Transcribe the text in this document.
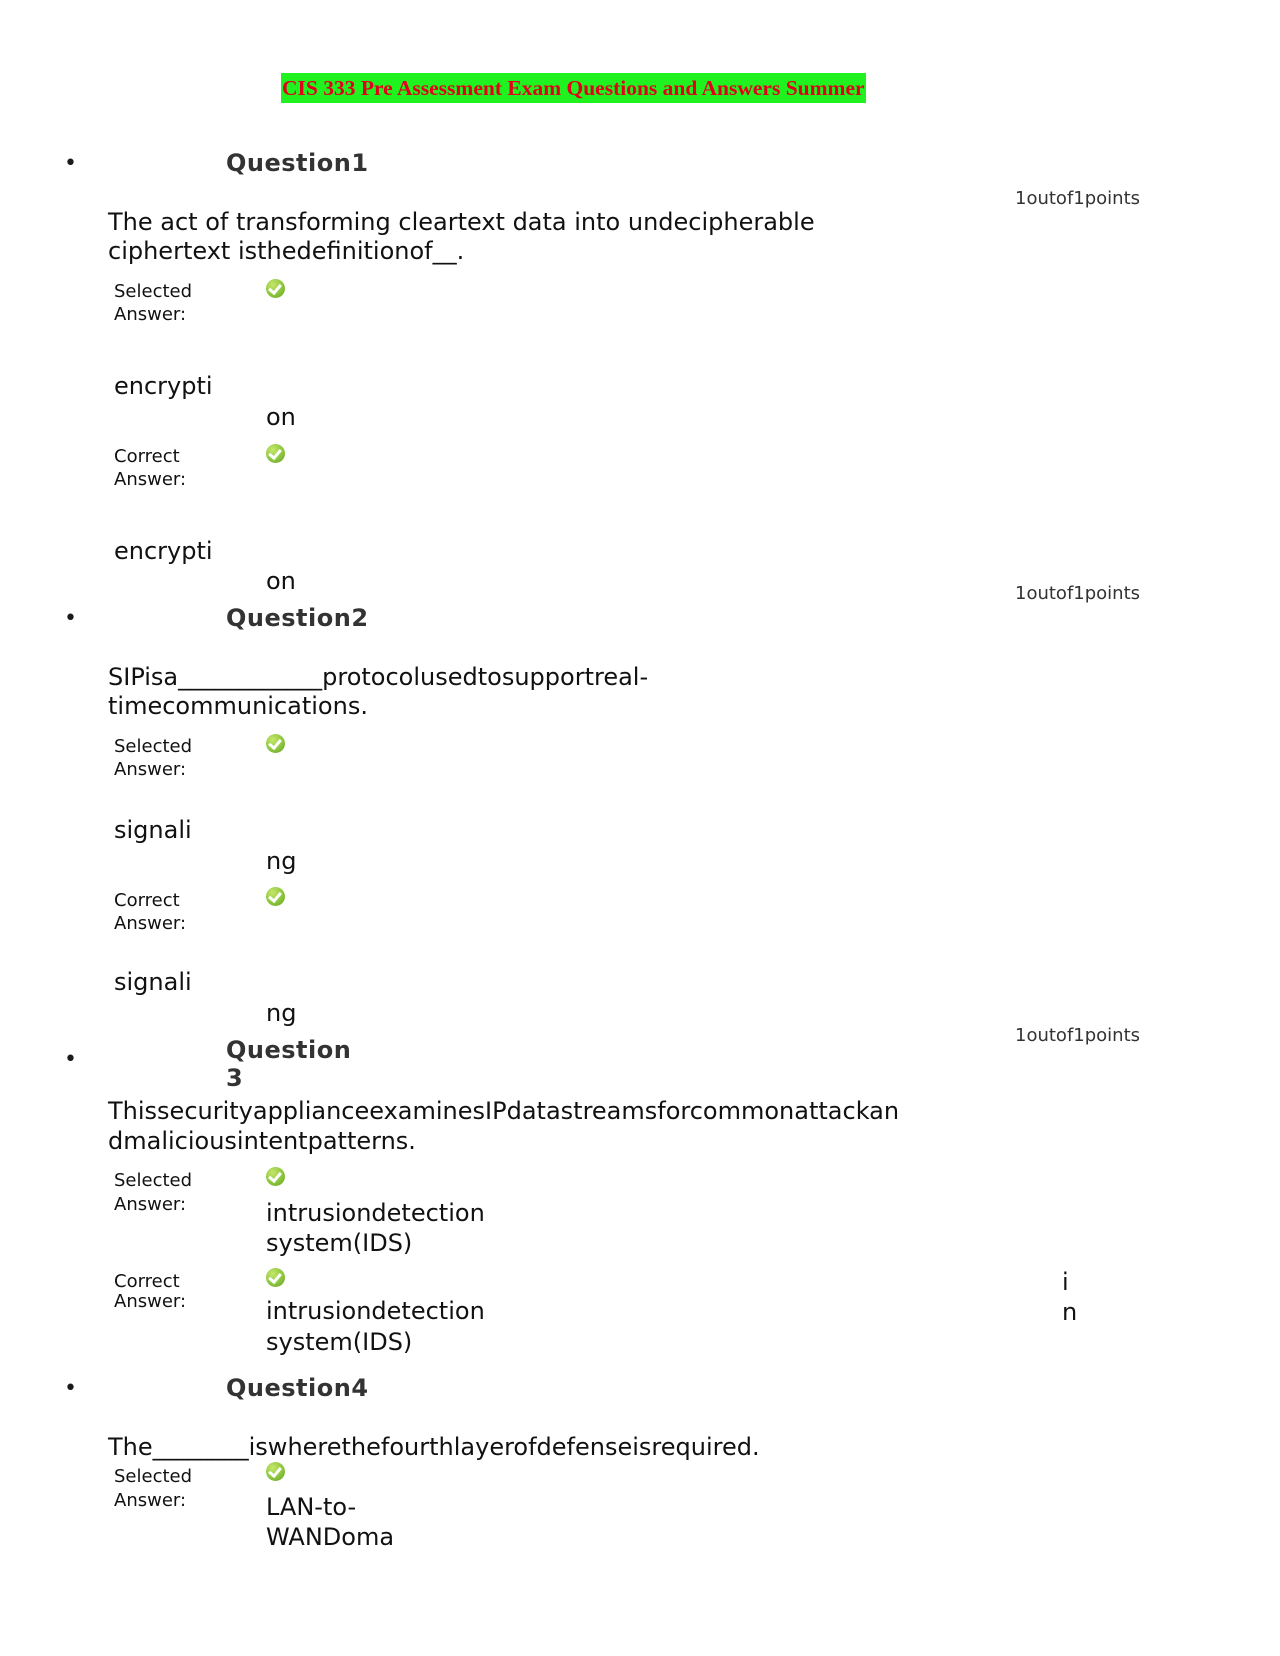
CIS 333 Pre Assessment Exam Questions and Answers Summer
•	Question1
1outof1points
The act of transforming cleartext data into undecipherable
ciphertext isthedefinitionof__.
Selected
Answer:
encrypti
on
Correct
Answer:
encrypti
on	1outof1points
•	Question2
SIPisa____________protocolusedtosupportreal-
timecommunications.
Selected
Answer:
signali
ng
Correct
Answer:
signali
ng
1outof1points
•	Question
3
ThissecurityapplianceexaminesIPdatastreamsforcommonattackan
dmaliciousintentpatterns.
Selected
Answer:	intrusiondetection
system(IDS)
Correct
Answer:	intrusiondetection
system(IDS)
i
n
•	Question4
The________iswherethefourthlayerofdefenseisrequired.
Selected
Answer:	LAN-to-
WANDoma
